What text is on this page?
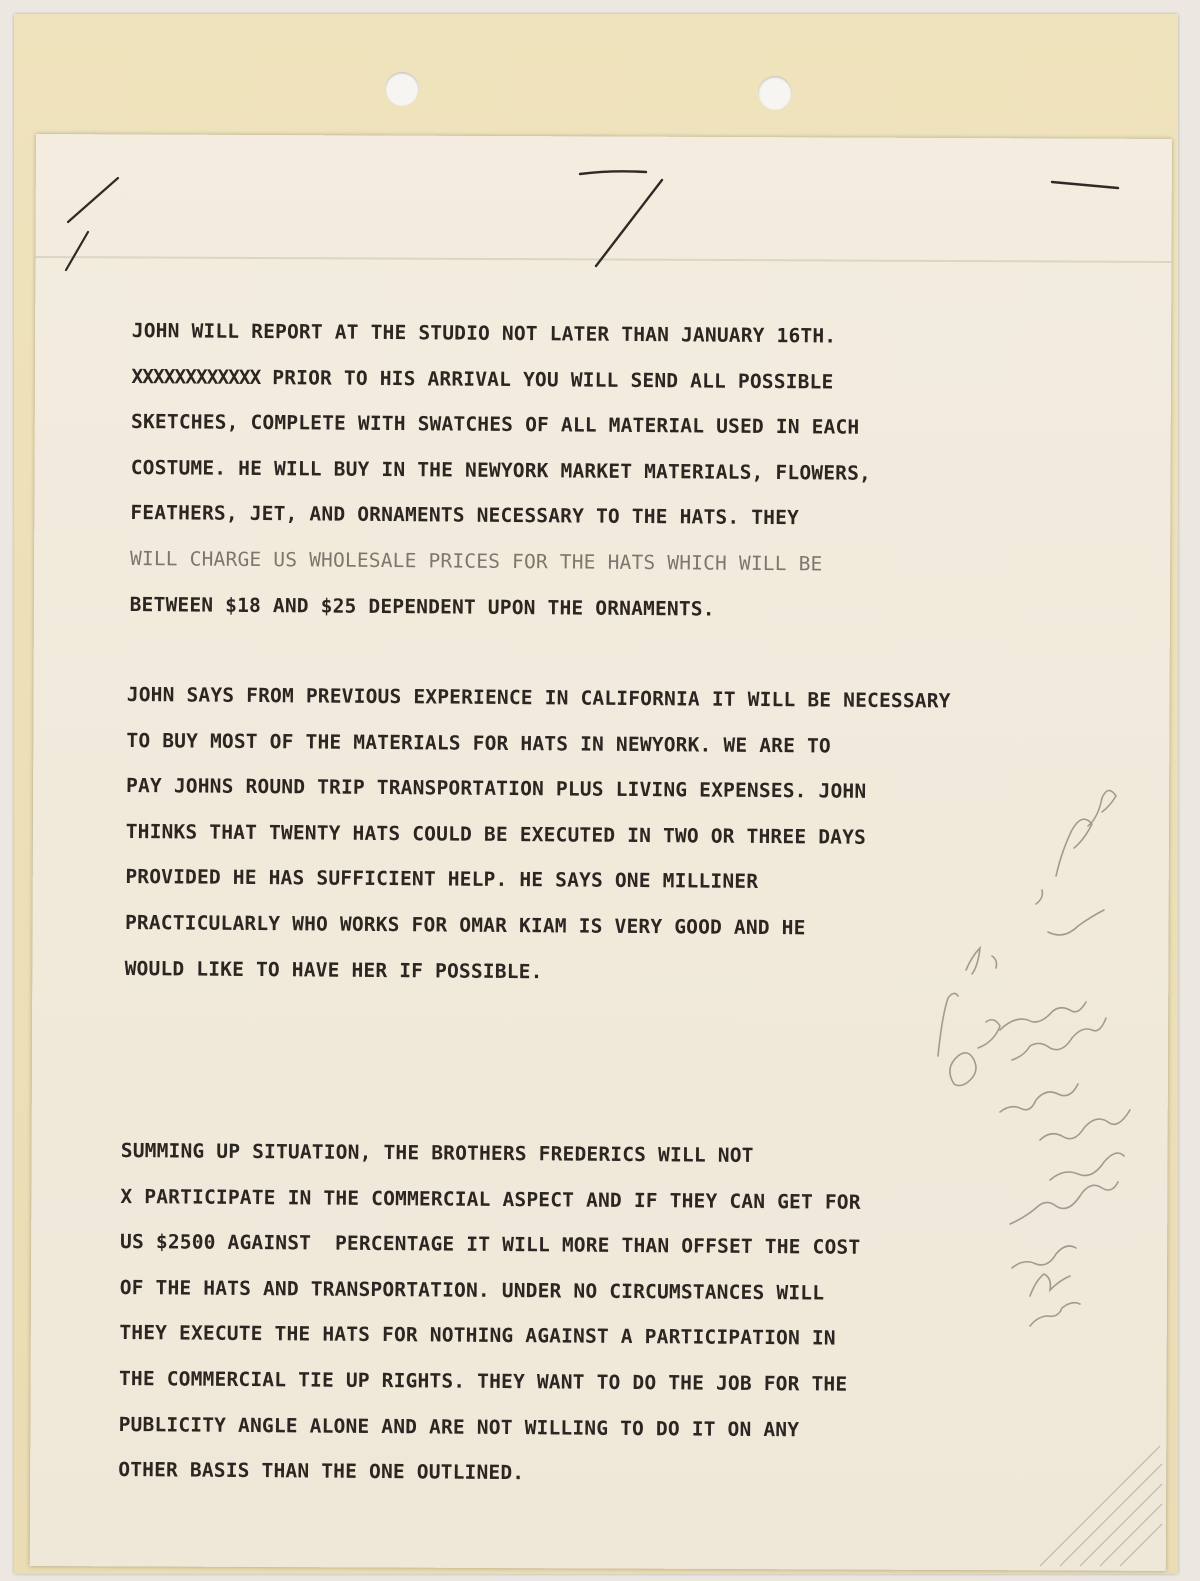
JOHN WILL REPORT AT THE STUDIO NOT LATER THAN JANUARY 16TH.
XXXXXXXXXXXX PRIOR TO HIS ARRIVAL YOU WILL SEND ALL POSSIBLE
SKETCHES, COMPLETE WITH SWATCHES OF ALL MATERIAL USED IN EACH
COSTUME. HE WILL BUY IN THE NEWYORK MARKET MATERIALS, FLOWERS,
FEATHERS, JET, AND ORNAMENTS NECESSARY TO THE HATS. THEY
WILL CHARGE US WHOLESALE PRICES FOR THE HATS WHICH WILL BE
BETWEEN $18 AND $25 DEPENDENT UPON THE ORNAMENTS.
JOHN SAYS FROM PREVIOUS EXPERIENCE IN CALIFORNIA IT WILL BE NECESSARY
TO BUY MOST OF THE MATERIALS FOR HATS IN NEWYORK. WE ARE TO
PAY JOHNS ROUND TRIP TRANSPORTATION PLUS LIVING EXPENSES. JOHN
THINKS THAT TWENTY HATS COULD BE EXECUTED IN TWO OR THREE DAYS
PROVIDED HE HAS SUFFICIENT HELP. HE SAYS ONE MILLINER
PRACTICULARLY WHO WORKS FOR OMAR KIAM IS VERY GOOD AND HE
WOULD LIKE TO HAVE HER IF POSSIBLE.
SUMMING UP SITUATION, THE BROTHERS FREDERICS WILL NOT
X PARTICIPATE IN THE COMMERCIAL ASPECT AND IF THEY CAN GET FOR
US $2500 AGAINST  PERCENTAGE IT WILL MORE THAN OFFSET THE COST
OF THE HATS AND TRANSPORTATION. UNDER NO CIRCUMSTANCES WILL
THEY EXECUTE THE HATS FOR NOTHING AGAINST A PARTICIPATION IN
THE COMMERCIAL TIE UP RIGHTS. THEY WANT TO DO THE JOB FOR THE
PUBLICITY ANGLE ALONE AND ARE NOT WILLING TO DO IT ON ANY
OTHER BASIS THAN THE ONE OUTLINED.
